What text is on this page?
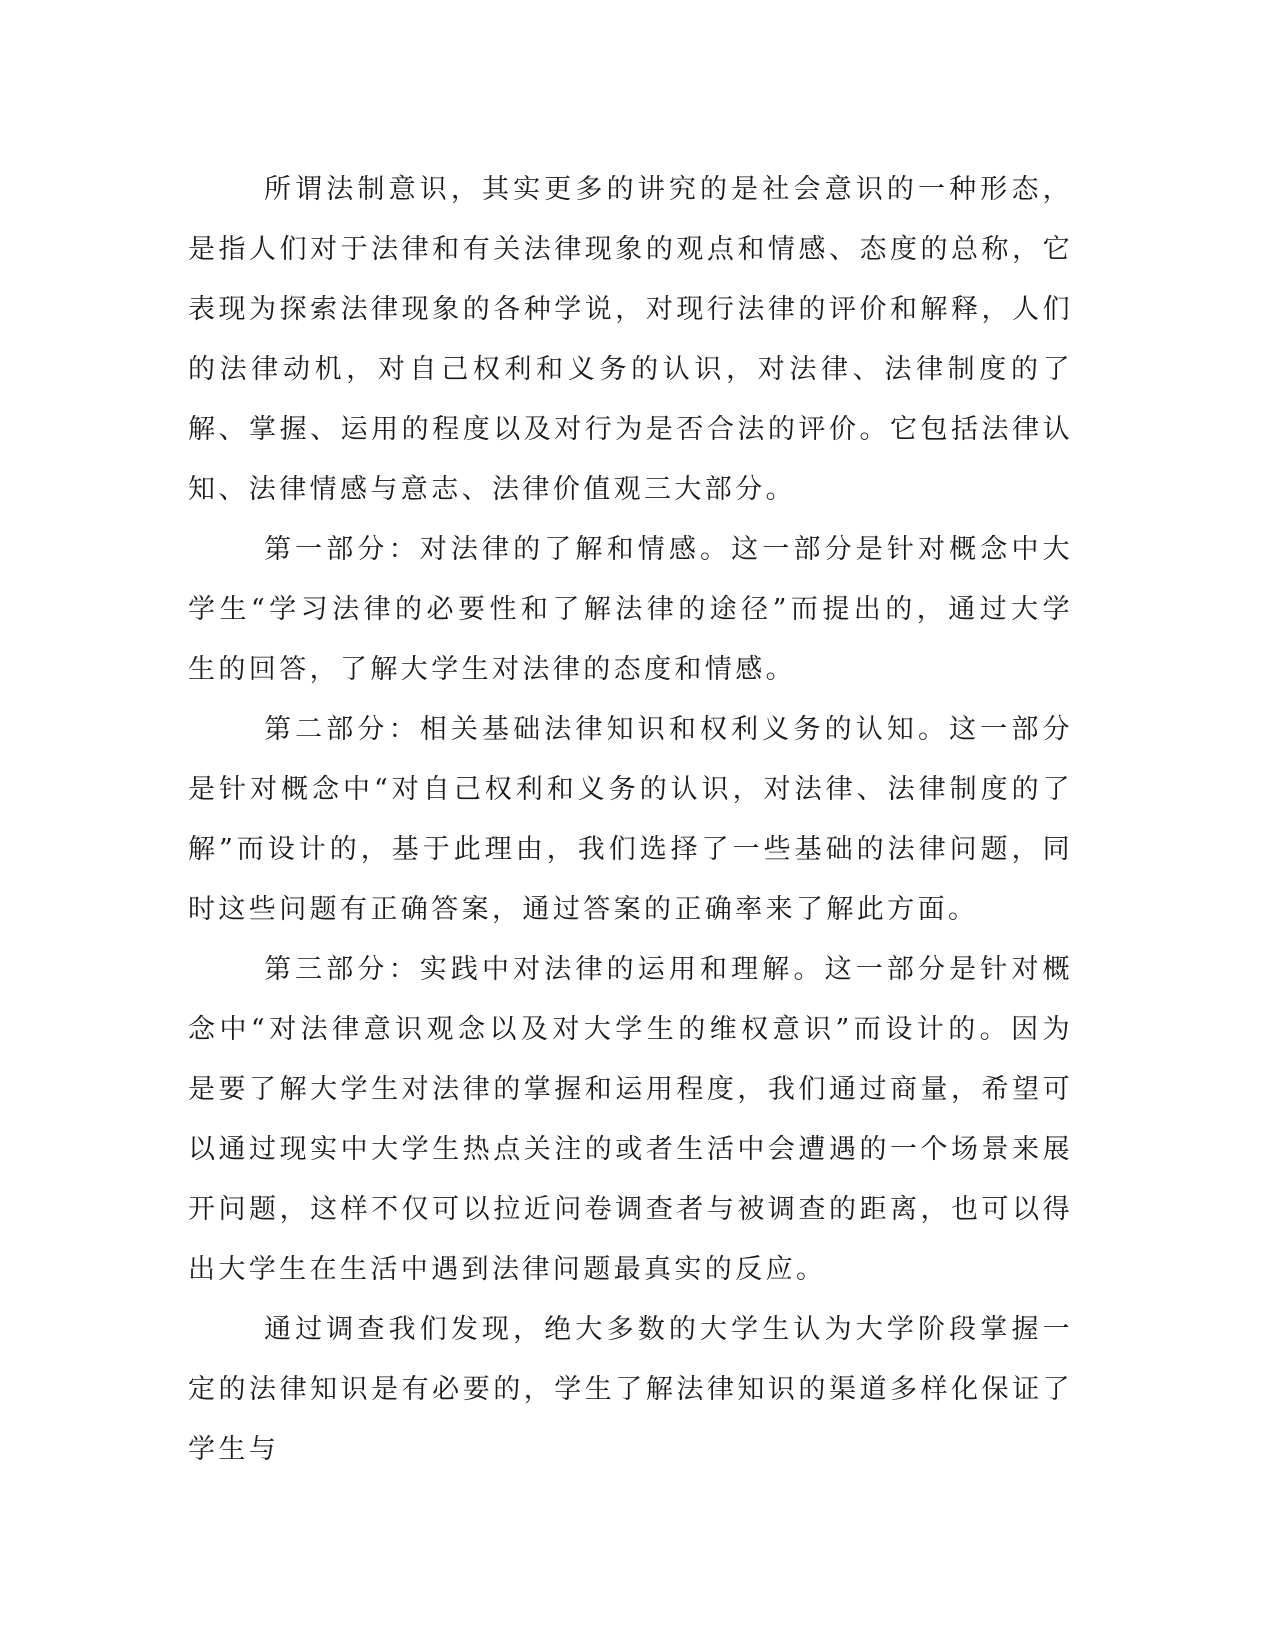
所谓法制意识，其实更多的讲究的是社会意识的一种形态，是指人们对于法律和有关法律现象的观点和情感、态度的总称，它表现为探索法律现象的各种学说，对现行法律的评价和解释，人们的法律动机，对自己权利和义务的认识，对法律、法律制度的了解、掌握、运用的程度以及对行为是否合法的评价。它包括法律认知、法律情感与意志、法律价值观三大部分。

第一部分：对法律的了解和情感。这一部分是针对概念中大学生“学习法律的必要性和了解法律的途径”而提出的，通过大学生的回答，了解大学生对法律的态度和情感。

第二部分：相关基础法律知识和权利义务的认知。这一部分是针对概念中“对自己权利和义务的认识，对法律、法律制度的了解”而设计的，基于此理由，我们选择了一些基础的法律问题，同时这些问题有正确答案，通过答案的正确率来了解此方面。

第三部分：实践中对法律的运用和理解。这一部分是针对概念中“对法律意识观念以及对大学生的维权意识”而设计的。因为是要了解大学生对法律的掌握和运用程度，我们通过商量，希望可以通过现实中大学生热点关注的或者生活中会遭遇的一个场景来展开问题，这样不仅可以拉近问卷调查者与被调查的距离，也可以得出大学生在生活中遇到法律问题最真实的反应。

通过调查我们发现，绝大多数的大学生认为大学阶段掌握一定的法律知识是有必要的，学生了解法律知识的渠道多样化保证了学生与
